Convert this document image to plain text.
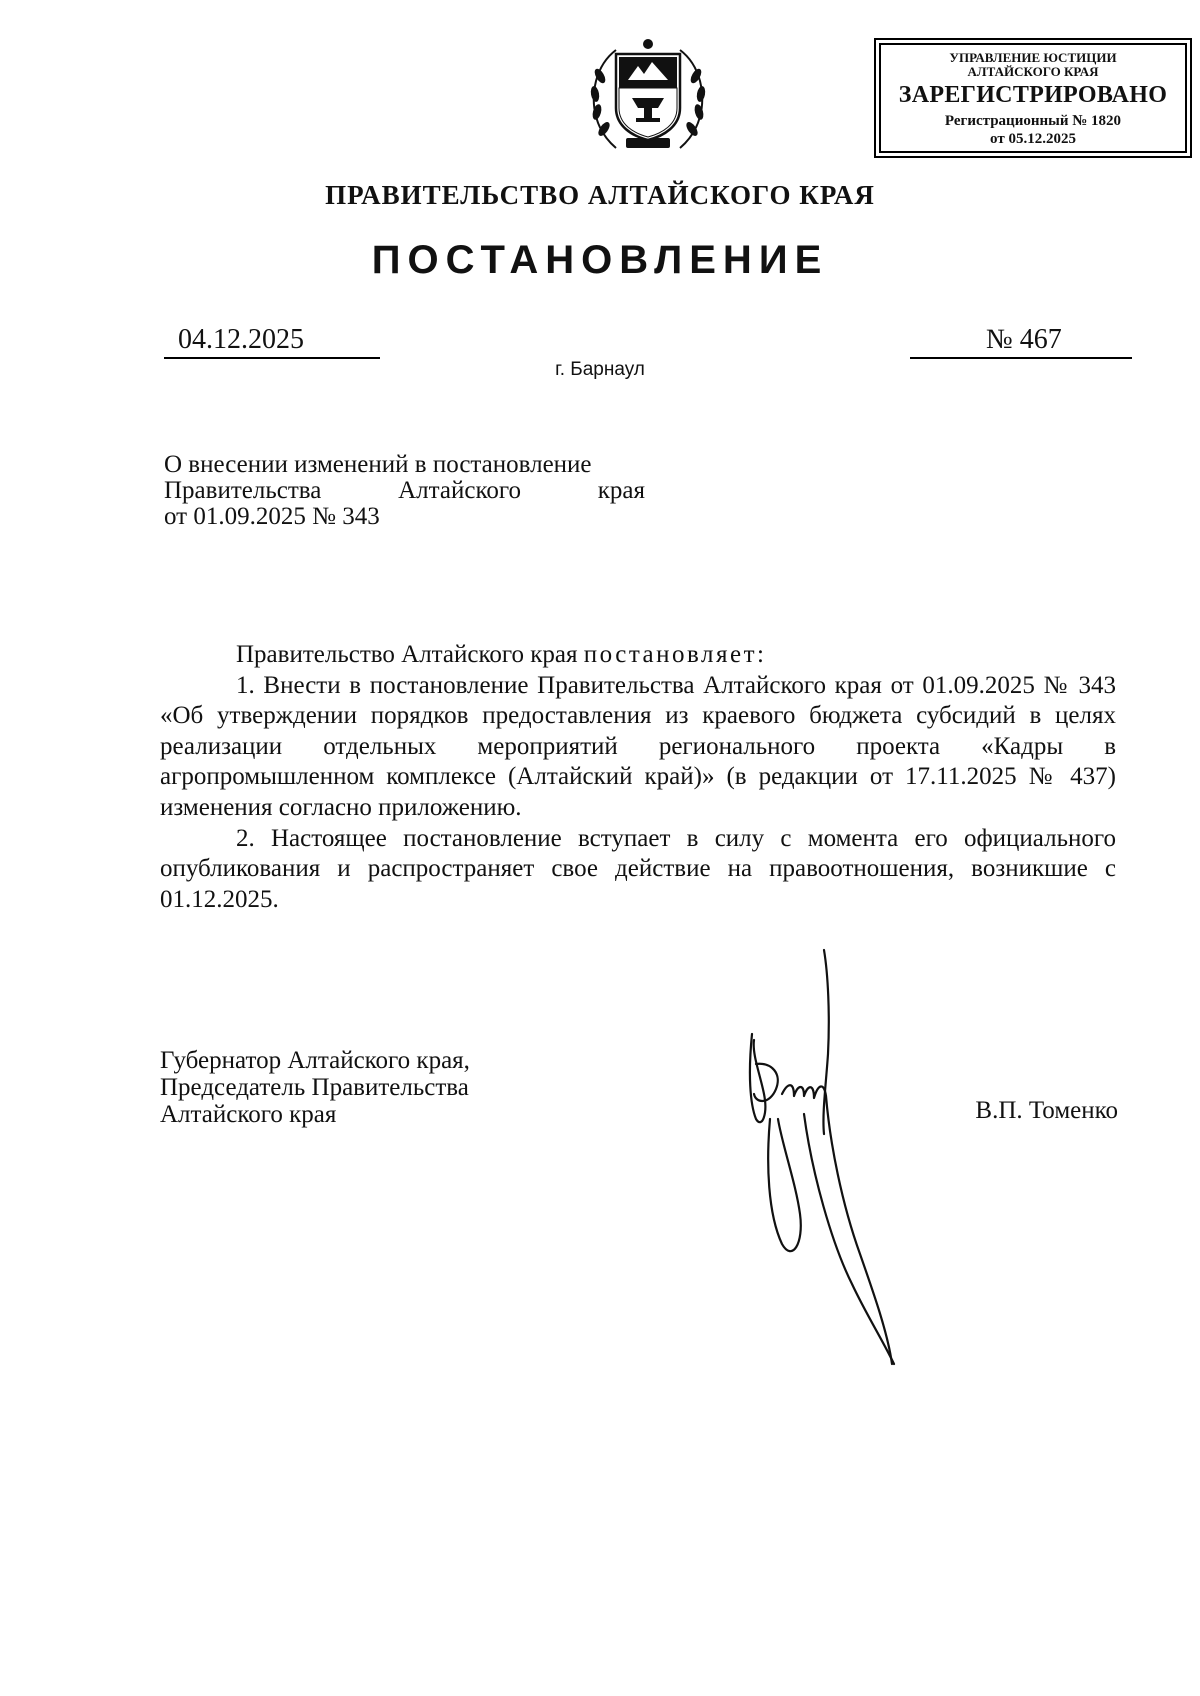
УПРАВЛЕНИЕ ЮСТИЦИИ
АЛТАЙСКОГО КРАЯ
ЗАРЕГИСТРИРОВАНО
Регистрационный № 1820
от 05.12.2025
ПРАВИТЕЛЬСТВО АЛТАЙСКОГО КРАЯ
ПОСТАНОВЛЕНИЕ
04.12.2025	№ 467
г. Барнаул
О внесении изменений в постановление
Правительства	Алтайского	края
от 01.09.2025 № 343

Правительство Алтайского края постановляет:

1. Внести в постановление Правительства Алтайского края от 01.09.2025 № 343 «Об утверждении порядков предоставления из краевого бюджета субсидий в целях реализации отдельных мероприятий регионального проекта «Кадры в агропромышленном комплексе (Алтайский край)» (в редакции от 17.11.2025 № 437) изменения согласно приложению.

2. Настоящее постановление вступает в силу с момента его официального опубликования и распространяет свое действие на правоотношения, возникшие с 01.12.2025.

Губернатор Алтайского края,
Председатель Правительства
Алтайского края	В.П. Томенко
